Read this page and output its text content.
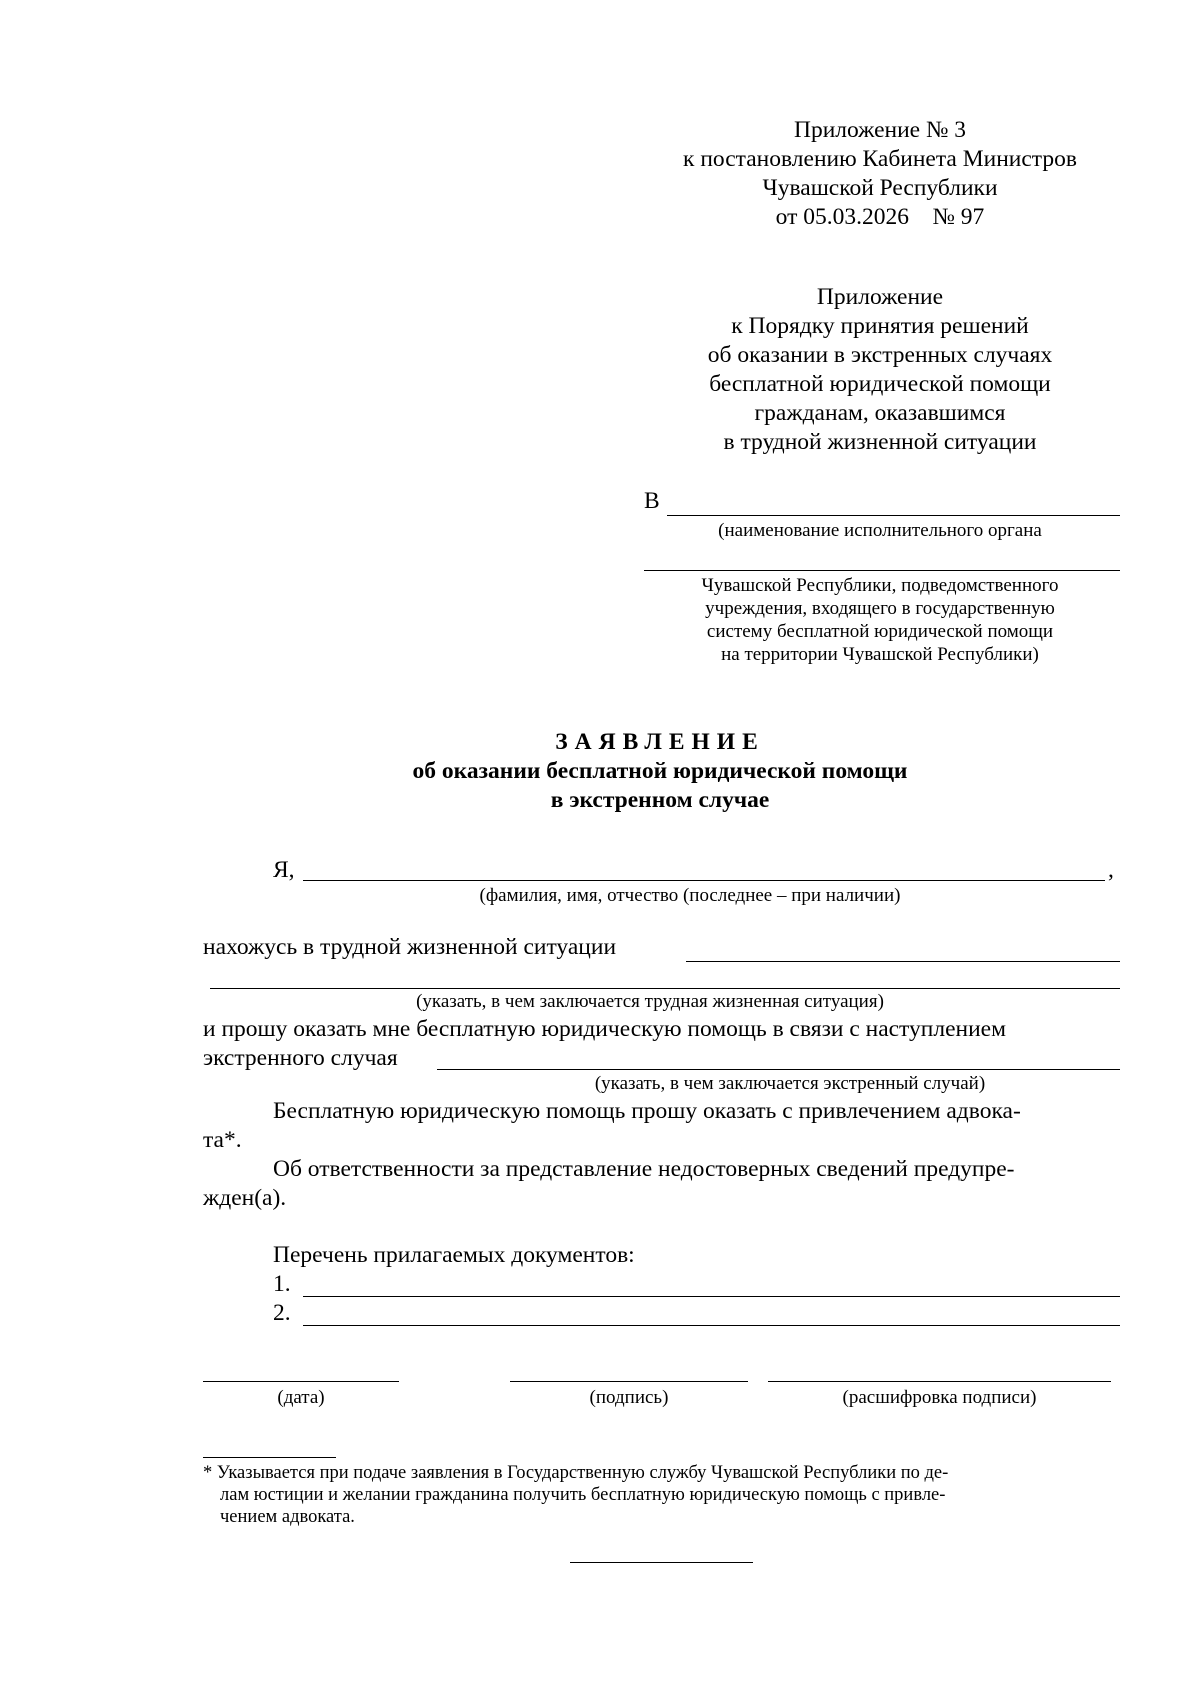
Приложение № 3
к постановлению Кабинета Министров
Чувашской Республики
от 05.03.2026    № 97
Приложение
к Порядку принятия решений
об оказании в экстренных случаях
бесплатной юридической помощи
гражданам, оказавшимся
в трудной жизненной ситуации
В
(наименование исполнительного органа
Чувашской Республики, подведомственного
учреждения, входящего в государственную
систему бесплатной юридической помощи
на территории Чувашской Республики)
ЗАЯВЛЕНИЕ
об оказании бесплатной юридической помощи
в экстренном случае
Я,	,
(фамилия, имя, отчество (последнее – при наличии)
нахожусь в трудной жизненной ситуации
(указать, в чем заключается трудная жизненная ситуация)
и прошу оказать мне бесплатную юридическую помощь в связи с наступлением
экстренного случая
(указать, в чем заключается экстренный случай)
Бесплатную юридическую помощь прошу оказать с привлечением адвока-
та*.
Об ответственности за представление недостоверных сведений предупре-
жден(а).
Перечень прилагаемых документов:
1.
2.
(дата)	(подпись)	(расшифровка подписи)
* Указывается при подаче заявления в Государственную службу Чувашской Республики по де-
лам юстиции и желании гражданина получить бесплатную юридическую помощь с привле-
чением адвоката.
